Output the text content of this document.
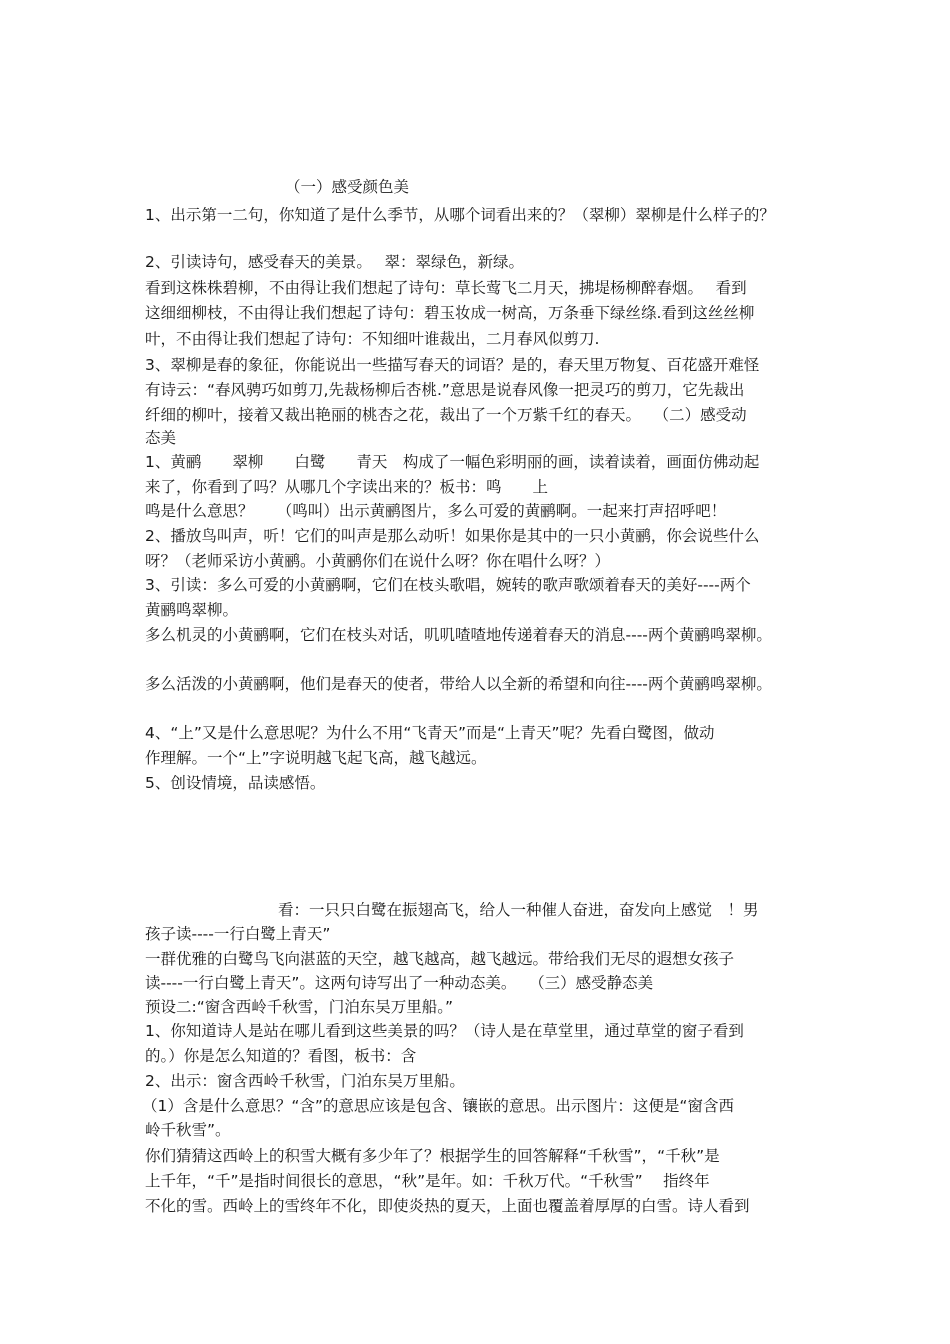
（一）感受颜色美
1、出示第一二句，你知道了是什么季节，从哪个词看出来的？（翠柳）翠柳是什么样子的？
2、引读诗句，感受春天的美景。　 翠：翠绿色，新绿。
看到这株株碧柳，不由得让我们想起了诗句：草长莺飞二月天，拂堤杨柳醉春烟。　 看到
这细细柳枝，不由得让我们想起了诗句：碧玉妆成一树高，万条垂下绿丝绦.看到这丝丝柳
叶，不由得让我们想起了诗句：不知细叶谁裁出，二月春风似剪刀.
3、翠柳是春的象征，你能说出一些描写春天的词语？是的，春天里万物复、百花盛开难怪
有诗云：“春风骋巧如剪刀,先裁杨柳后杏桃.”意思是说春风像一把灵巧的剪刀，它先裁出
纤细的柳叶，接着又裁出艳丽的桃杏之花，裁出了一个万紫千红的春天。　 （二）感受动
态美
1、黄鹂　　翠柳　　白鹭　　青天　构成了一幅色彩明丽的画，读着读着，画面仿佛动起
来了，你看到了吗？从哪几个字读出来的？板书：鸣　　上
鸣是什么意思？　　（鸣叫）出示黄鹂图片，多么可爱的黄鹂啊。一起来打声招呼吧！
2、播放鸟叫声，听！它们的叫声是那么动听！如果你是其中的一只小黄鹂，你会说些什么
呀？（老师采访小黄鹂。小黄鹂你们在说什么呀？你在唱什么呀？）
3、引读：多么可爱的小黄鹂啊，它们在枝头歌唱，婉转的歌声歌颂着春天的美好----两个
黄鹂鸣翠柳。
多么机灵的小黄鹂啊，它们在枝头对话，叽叽喳喳地传递着春天的消息----两个黄鹂鸣翠柳。
多么活泼的小黄鹂啊，他们是春天的使者，带给人以全新的希望和向往----两个黄鹂鸣翠柳。
4、“上”又是什么意思呢？为什么不用“飞青天”而是“上青天”呢？先看白鹭图，做动
作理解。一个“上”字说明越飞起飞高，越飞越远。
5、创设情境，品读感悟。
看：一只只白鹭在振翅高飞，给人一种催人奋进，奋发向上感觉　！男
孩子读----一行白鹭上青天”
一群优雅的白鹭鸟飞向湛蓝的天空，越飞越高，越飞越远。带给我们无尽的遐想女孩子
读----一行白鹭上青天”。这两句诗写出了一种动态美。　 （三）感受静态美
预设二:“窗含西岭千秋雪，门泊东吴万里船。”
1、你知道诗人是站在哪儿看到这些美景的吗？（诗人是在草堂里，通过草堂的窗子看到
的。）你是怎么知道的？看图，板书：含
2、出示：窗含西岭千秋雪，门泊东吴万里船。
（1）含是什么意思？“含”的意思应该是包含、镶嵌的意思。出示图片：这便是“窗含西
岭千秋雪”。
你们猜猜这西岭上的积雪大概有多少年了？根据学生的回答解释“千秋雪”，“千秋”是
上千年，“千”是指时间很长的意思，“秋”是年。如：千秋万代。“千秋雪”　 指终年
不化的雪。西岭上的雪终年不化，即使炎热的夏天，上面也覆盖着厚厚的白雪。诗人看到
